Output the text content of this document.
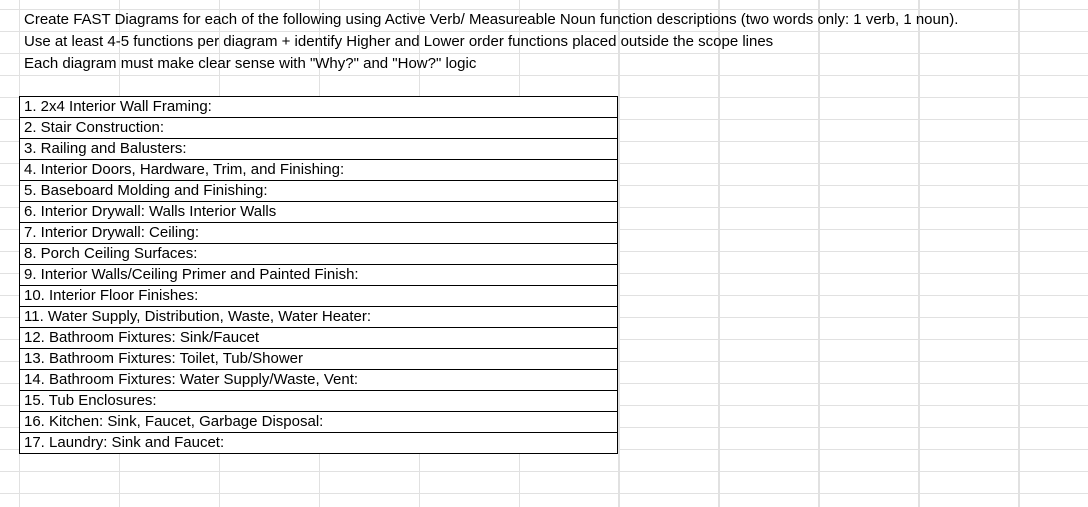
Create FAST Diagrams for each of the following using Active Verb/ Measureable Noun function descriptions (two words only: 1 verb, 1 noun).
Use at least 4-5 functions per diagram + identify Higher and Lower order functions placed outside the scope lines
Each diagram must make clear sense with "Why?" and "How?" logic
1. 2x4 Interior Wall Framing:
2. Stair Construction:
3. Railing and Balusters:
4. Interior Doors, Hardware, Trim, and Finishing:
5. Baseboard Molding and Finishing:
6. Interior Drywall: Walls Interior Walls
7. Interior Drywall: Ceiling:
8. Porch Ceiling Surfaces:
9. Interior Walls/Ceiling Primer and Painted Finish:
10. Interior Floor Finishes:
11. Water Supply, Distribution, Waste, Water Heater:
12. Bathroom Fixtures: Sink/Faucet
13. Bathroom Fixtures: Toilet, Tub/Shower
14. Bathroom Fixtures: Water Supply/Waste, Vent:
15. Tub Enclosures:
16. Kitchen: Sink, Faucet, Garbage Disposal:
17. Laundry: Sink and Faucet:
